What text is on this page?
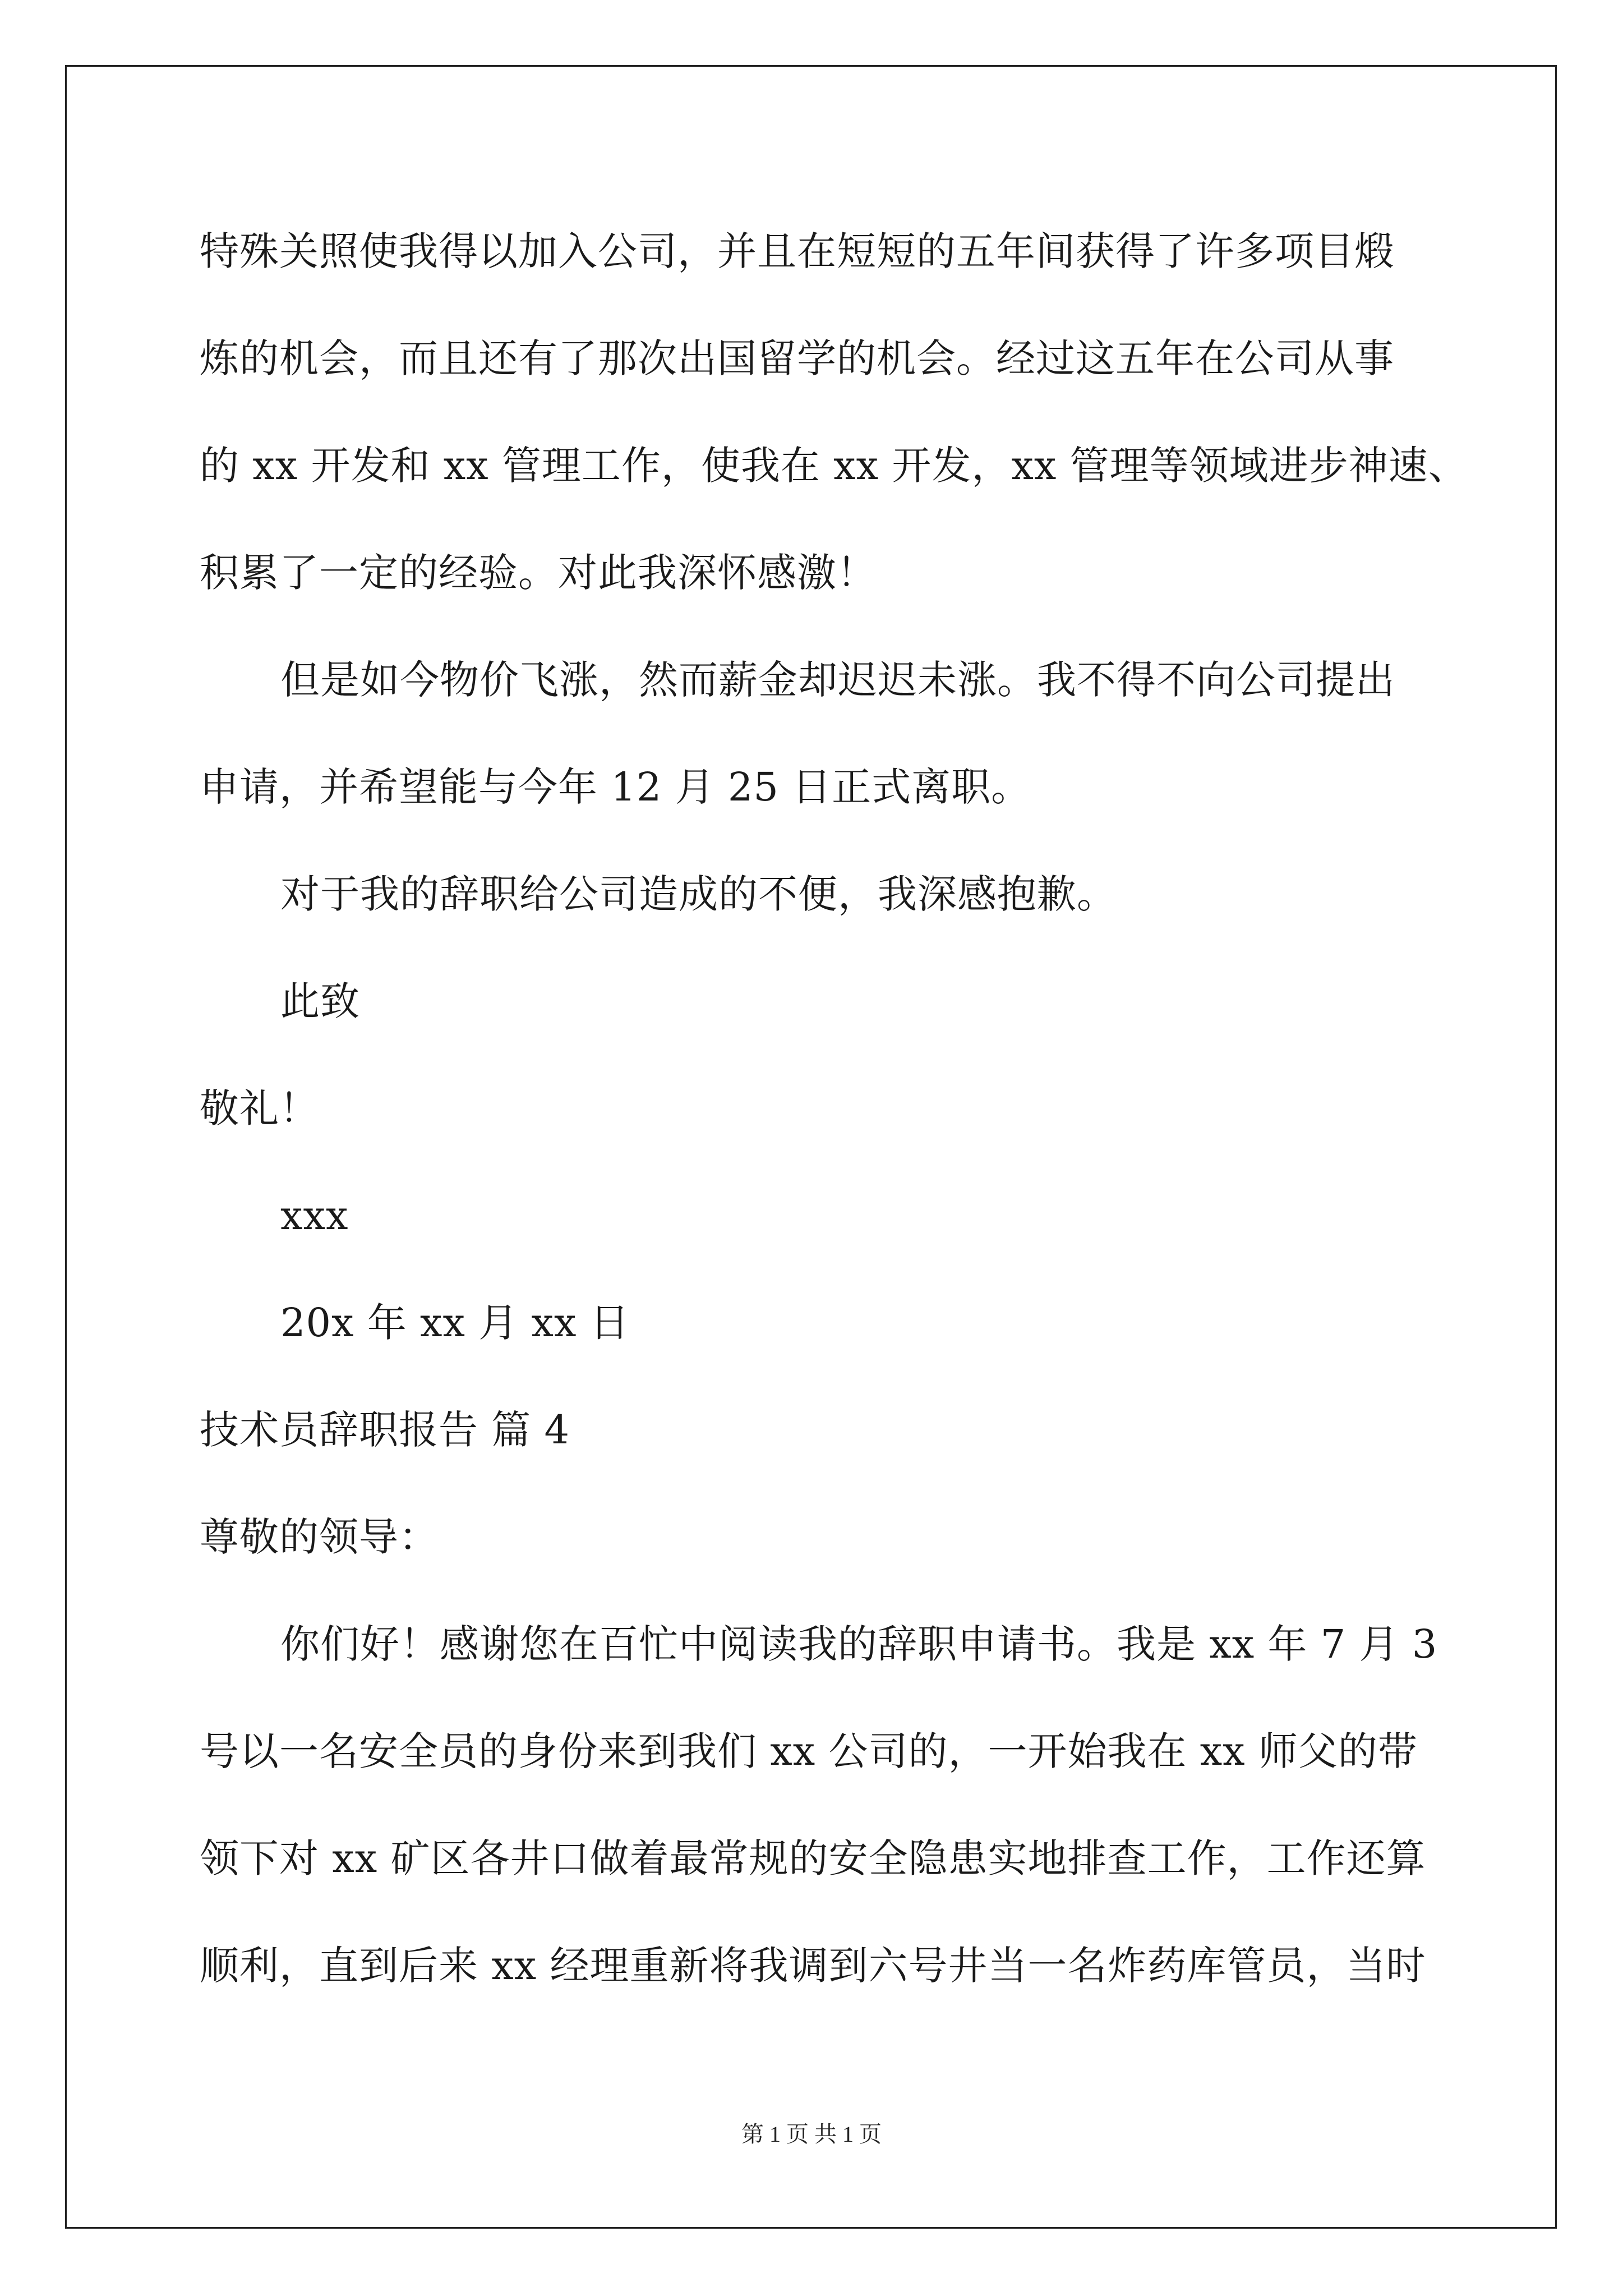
特殊关照使我得以加入公司，并且在短短的五年间获得了许多项目煅
炼的机会，而且还有了那次出国留学的机会。经过这五年在公司从事
的 xx 开发和 xx 管理工作，使我在 xx 开发，xx 管理等领域进步神速、
积累了一定的经验。对此我深怀感激！
但是如今物价飞涨，然而薪金却迟迟未涨。我不得不向公司提出
申请，并希望能与今年 12 月 25 日正式离职。
对于我的辞职给公司造成的不便，我深感抱歉。
此致
敬礼！
xxx
20x 年 xx 月 xx 日
技术员辞职报告 篇 4
尊敬的领导：
你们好！感谢您在百忙中阅读我的辞职申请书。我是 xx 年 7 月 3
号以一名安全员的身份来到我们 xx 公司的，一开始我在 xx 师父的带
领下对 xx 矿区各井口做着最常规的安全隐患实地排查工作，工作还算
顺利，直到后来 xx 经理重新将我调到六号井当一名炸药库管员，当时
第 1 页 共 1 页
